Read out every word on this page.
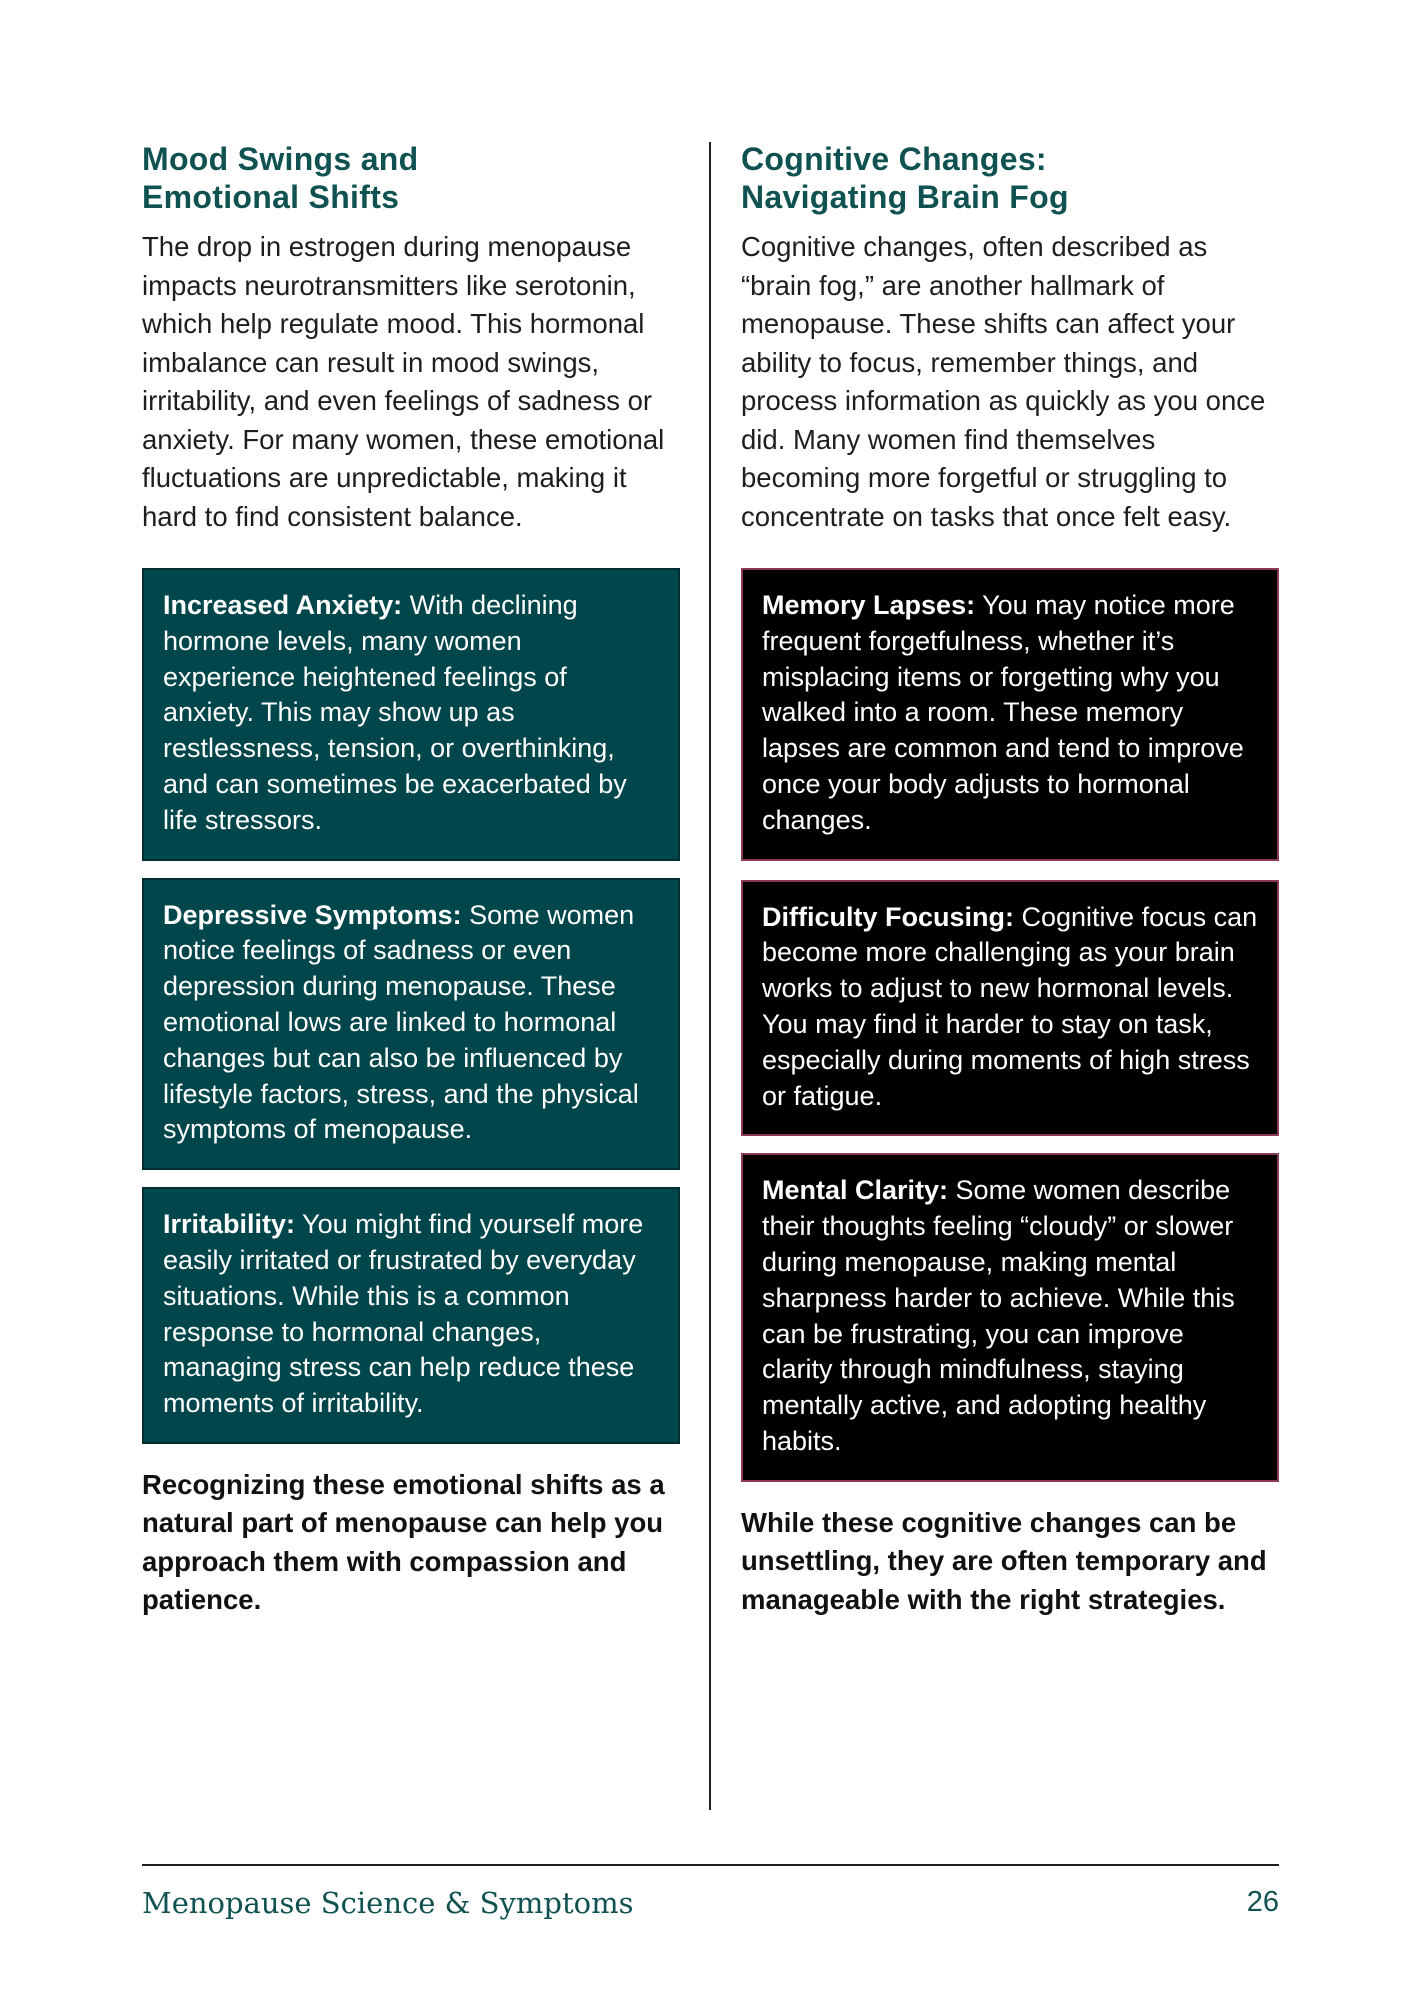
Mood Swings and
Emotional Shifts

The drop in estrogen during menopause impacts neurotransmitters like serotonin, which help regulate mood. This hormonal imbalance can result in mood swings, irritability, and even feelings of sadness or anxiety. For many women, these emotional fluctuations are unpredictable, making it hard to find consistent balance.

Increased Anxiety: With declining hormone levels, many women experience heightened feelings of anxiety. This may show up as restlessness, tension, or overthinking, and can sometimes be exacerbated by life stressors.
Depressive Symptoms: Some women notice feelings of sadness or even depression during menopause. These emotional lows are linked to hormonal changes but can also be influenced by lifestyle factors, stress, and the physical symptoms of menopause.
Irritability: You might find yourself more easily irritated or frustrated by everyday situations. While this is a common response to hormonal changes, managing stress can help reduce these moments of irritability.

Recognizing these emotional shifts as a natural part of menopause can help you approach them with compassion and patience.

Cognitive Changes:
Navigating Brain Fog

Cognitive changes, often described as “brain fog,” are another hallmark of menopause. These shifts can affect your ability to focus, remember things, and process information as quickly as you once did. Many women find themselves becoming more forgetful or struggling to concentrate on tasks that once felt easy.

Memory Lapses: You may notice more frequent forgetfulness, whether it’s misplacing items or forgetting why you walked into a room. These memory lapses are common and tend to improve once your body adjusts to hormonal changes.
Difficulty Focusing: Cognitive focus can become more challenging as your brain works to adjust to new hormonal levels. You may find it harder to stay on task, especially during moments of high stress or fatigue.
Mental Clarity: Some women describe their thoughts feeling “cloudy” or slower during menopause, making mental sharpness harder to achieve. While this can be frustrating, you can improve clarity through mindfulness, staying mentally active, and adopting healthy habits.

While these cognitive changes can be unsettling, they are often temporary and manageable with the right strategies.

Menopause Science & Symptoms	26
